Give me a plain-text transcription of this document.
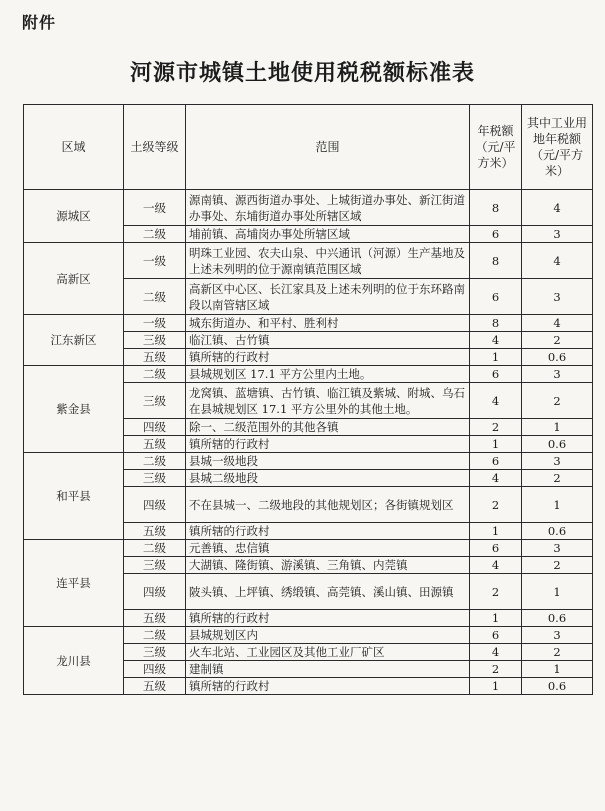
附件
河源市城镇土地使用税税额标准表
区域	土级等级	范围	年税额（元/平方米）	其中工业用地年税额（元/平方米）
源城区	一级	源南镇、源西街道办事处、上城街道办事处、新江街道办事处、东埔街道办事处所辖区域	8	4
	二级	埔前镇、高埔岗办事处所辖区域	6	3
高新区	一级	明珠工业园、农夫山泉、中兴通讯（河源）生产基地及上述未列明的位于源南镇范围区域	8	4
	二级	高新区中心区、长江家具及上述未列明的位于东环路南段以南管辖区域	6	3
江东新区	一级	城东街道办、和平村、胜利村	8	4
	三级	临江镇、古竹镇	4	2
	五级	镇所辖的行政村	1	0.6
紫金县	二级	县城规划区 17.1 平方公里内土地。	6	3
	三级	龙窝镇、蓝塘镇、古竹镇、临江镇及紫城、附城、乌石在县城规划区 17.1 平方公里外的其他土地。	4	2
	四级	除一、二级范围外的其他各镇	2	1
	五级	镇所辖的行政村	1	0.6
和平县	二级	县城一级地段	6	3
	三级	县城二级地段	4	2
	四级	不在县城一、二级地段的其他规划区；各街镇规划区	2	1
	五级	镇所辖的行政村	1	0.6
连平县	二级	元善镇、忠信镇	6	3
	三级	大湖镇、隆街镇、游溪镇、三角镇、内莞镇	4	2
	四级	陂头镇、上坪镇、绣缎镇、高莞镇、溪山镇、田源镇	2	1
	五级	镇所辖的行政村	1	0.6
龙川县	二级	县城规划区内	6	3
	三级	火车北站、工业园区及其他工业厂矿区	4	2
	四级	建制镇	2	1
	五级	镇所辖的行政村	1	0.6
